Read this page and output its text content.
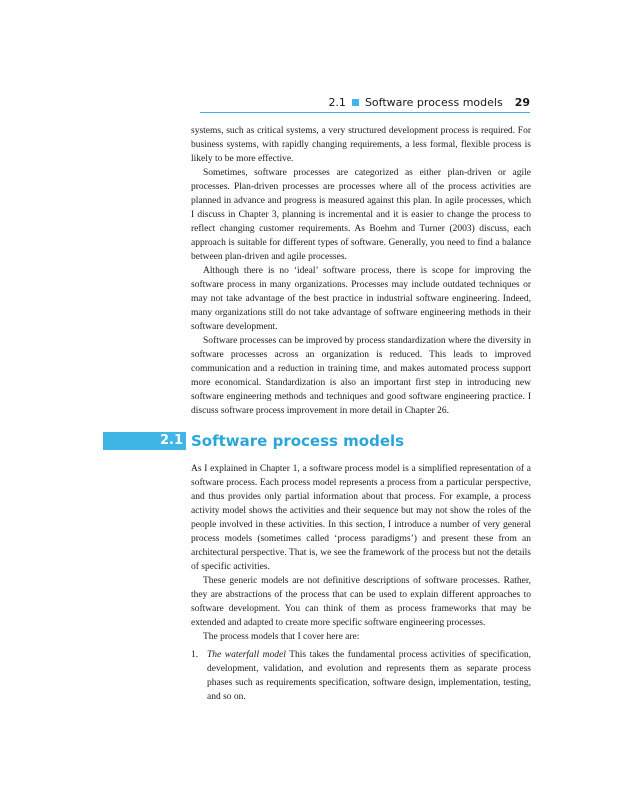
2.1 Software process models 29

systems, such as critical systems, a very structured development process is required. For business systems, with rapidly changing requirements, a less formal, flexible process is likely to be more effective.

Sometimes, software processes are categorized as either plan-driven or agile processes. Plan-driven processes are processes where all of the process activities are planned in advance and progress is measured against this plan. In agile processes, which I discuss in Chapter 3, planning is incremental and it is easier to change the process to reflect changing customer requirements. As Boehm and Turner (2003) discuss, each approach is suitable for different types of software. Generally, you need to find a balance between plan-driven and agile processes.

Although there is no ‘ideal’ software process, there is scope for improving the software process in many organizations. Processes may include outdated techniques or may not take advantage of the best practice in industrial software engineering. Indeed, many organizations still do not take advantage of software engineering methods in their software development.

Software processes can be improved by process standardization where the diversity in software processes across an organization is reduced. This leads to improved communication and a reduction in training time, and makes automated process support more economical. Standardization is also an important first step in introducing new software engineering methods and techniques and good software engineering practice. I discuss software process improvement in more detail in Chapter 26.

2.1 Software process models

As I explained in Chapter 1, a software process model is a simplified representation of a software process. Each process model represents a process from a particular perspective, and thus provides only partial information about that process. For example, a process activity model shows the activities and their sequence but may not show the roles of the people involved in these activities. In this section, I introduce a number of very general process models (sometimes called ‘process paradigms’) and present these from an architectural perspective. That is, we see the framework of the process but not the details of specific activities.

These generic models are not definitive descriptions of software processes. Rather, they are abstractions of the process that can be used to explain different approaches to software development. You can think of them as process frameworks that may be extended and adapted to create more specific software engineering processes.

The process models that I cover here are:

1. The waterfall model This takes the fundamental process activities of specification, development, validation, and evolution and represents them as separate process phases such as requirements specification, software design, implementation, testing, and so on.
